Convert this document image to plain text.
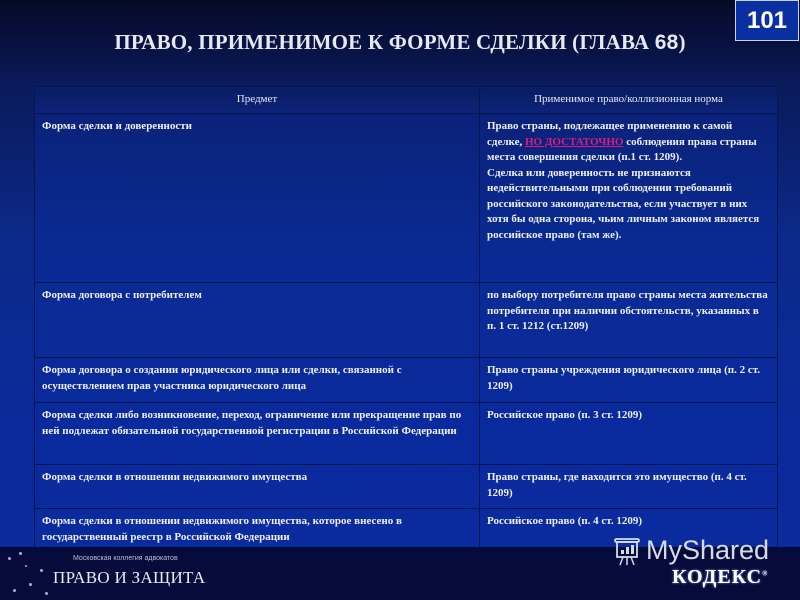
101
ПРАВО, ПРИМЕНИМОЕ К ФОРМЕ СДЕЛКИ (ГЛАВА 68)
Предмет	Применимое право/коллизионная норма
Форма сделки и доверенности	Право страны, подлежащее применению к самой сделке, НО ДОСТАТОЧНО соблюдения права страны места совершения сделки (п.1 ст. 1209).
Сделка или доверенность не признаются недействительными при соблюдении требований российского законодательства, если участвует в них хотя бы одна сторона, чьим личным законом является российское право (там же).
Форма договора с потребителем	по выбору потребителя право страны места жительства потребителя при наличии обстоятельств, указанных в п. 1 ст. 1212 (ст.1209)
Форма договора о создании юридического лица или сделки, связанной с осуществлением прав участника юридического лица	Право страны учреждения юридического лица (п. 2 ст. 1209)
Форма сделки либо возникновение, переход, ограничение или прекращение прав по ней подлежат обязательной государственной регистрации в Российской Федерации	Российское право (п. 3 ст. 1209)
Форма сделки в отношении недвижимого имущества	Право страны, где находится это имущество (п. 4 ст. 1209)
Форма сделки в отношении недвижимого имущества, которое внесено в государственный реестр в Российской Федерации	Российское право (п. 4 ст. 1209)
Московская коллегия адвокатов
ПРАВО И ЗАЩИТА
MyShared
КОДЕКС®
